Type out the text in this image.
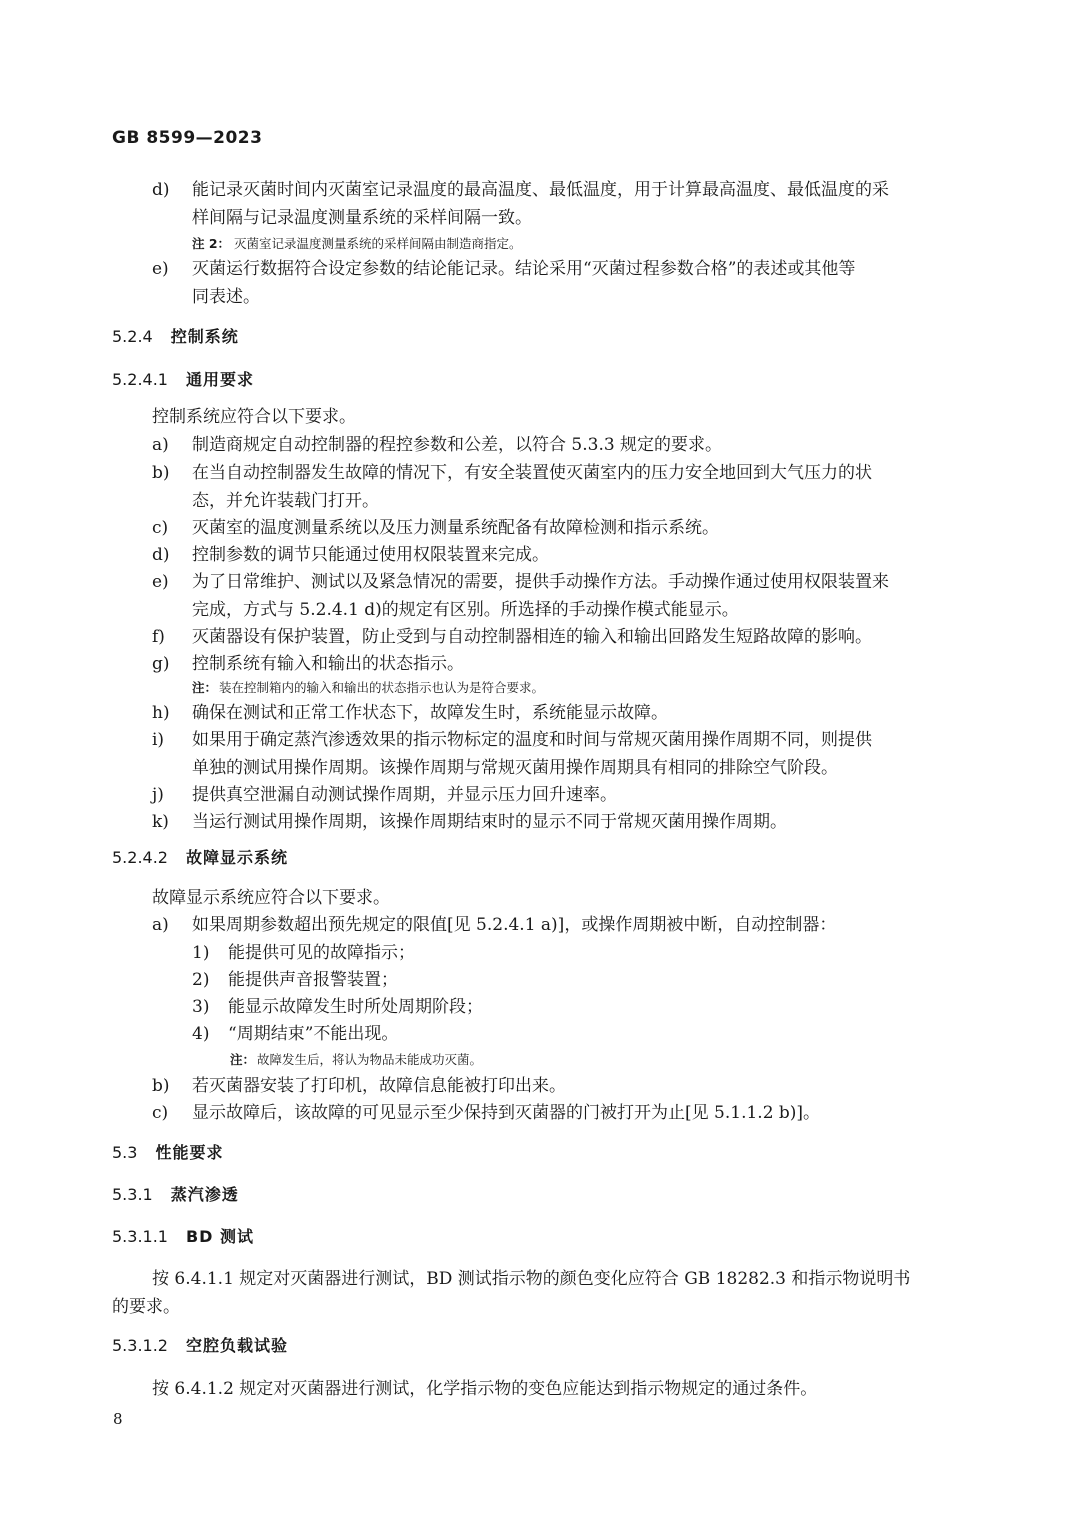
GB 8599—2023
d) 能记录灭菌时间内灭菌室记录温度的最高温度、最低温度，用于计算最高温度、最低温度的采
样间隔与记录温度测量系统的采样间隔一致。
注 2： 灭菌室记录温度测量系统的采样间隔由制造商指定。
e) 灭菌运行数据符合设定参数的结论能记录。结论采用“灭菌过程参数合格”的表述或其他等
同表述。
5.2.4 控制系统
5.2.4.1 通用要求
控制系统应符合以下要求。
a) 制造商规定自动控制器的程控参数和公差，以符合 5.3.3 规定的要求。
b) 在当自动控制器发生故障的情况下，有安全装置使灭菌室内的压力安全地回到大气压力的状
态，并允许装载门打开。
c) 灭菌室的温度测量系统以及压力测量系统配备有故障检测和指示系统。
d) 控制参数的调节只能通过使用权限装置来完成。
e) 为了日常维护、测试以及紧急情况的需要，提供手动操作方法。手动操作通过使用权限装置来
完成，方式与 5.2.4.1 d)的规定有区别。所选择的手动操作模式能显示。
f) 灭菌器设有保护装置，防止受到与自动控制器相连的输入和输出回路发生短路故障的影响。
g) 控制系统有输入和输出的状态指示。
注： 装在控制箱内的输入和输出的状态指示也认为是符合要求。
h) 确保在测试和正常工作状态下，故障发生时，系统能显示故障。
i) 如果用于确定蒸汽渗透效果的指示物标定的温度和时间与常规灭菌用操作周期不同，则提供
单独的测试用操作周期。该操作周期与常规灭菌用操作周期具有相同的排除空气阶段。
j) 提供真空泄漏自动测试操作周期，并显示压力回升速率。
k) 当运行测试用操作周期，该操作周期结束时的显示不同于常规灭菌用操作周期。
5.2.4.2 故障显示系统
故障显示系统应符合以下要求。
a) 如果周期参数超出预先规定的限值[见 5.2.4.1 a)]，或操作周期被中断，自动控制器：
1) 能提供可见的故障指示；
2) 能提供声音报警装置；
3) 能显示故障发生时所处周期阶段；
4) “周期结束”不能出现。
注： 故障发生后，将认为物品未能成功灭菌。
b) 若灭菌器安装了打印机，故障信息能被打印出来。
c) 显示故障后，该故障的可见显示至少保持到灭菌器的门被打开为止[见 5.1.1.2 b)]。
5.3 性能要求
5.3.1 蒸汽渗透
5.3.1.1 BD 测试
按 6.4.1.1 规定对灭菌器进行测试，BD 测试指示物的颜色变化应符合 GB 18282.3 和指示物说明书
的要求。
5.3.1.2 空腔负载试验
按 6.4.1.2 规定对灭菌器进行测试，化学指示物的变色应能达到指示物规定的通过条件。
8
